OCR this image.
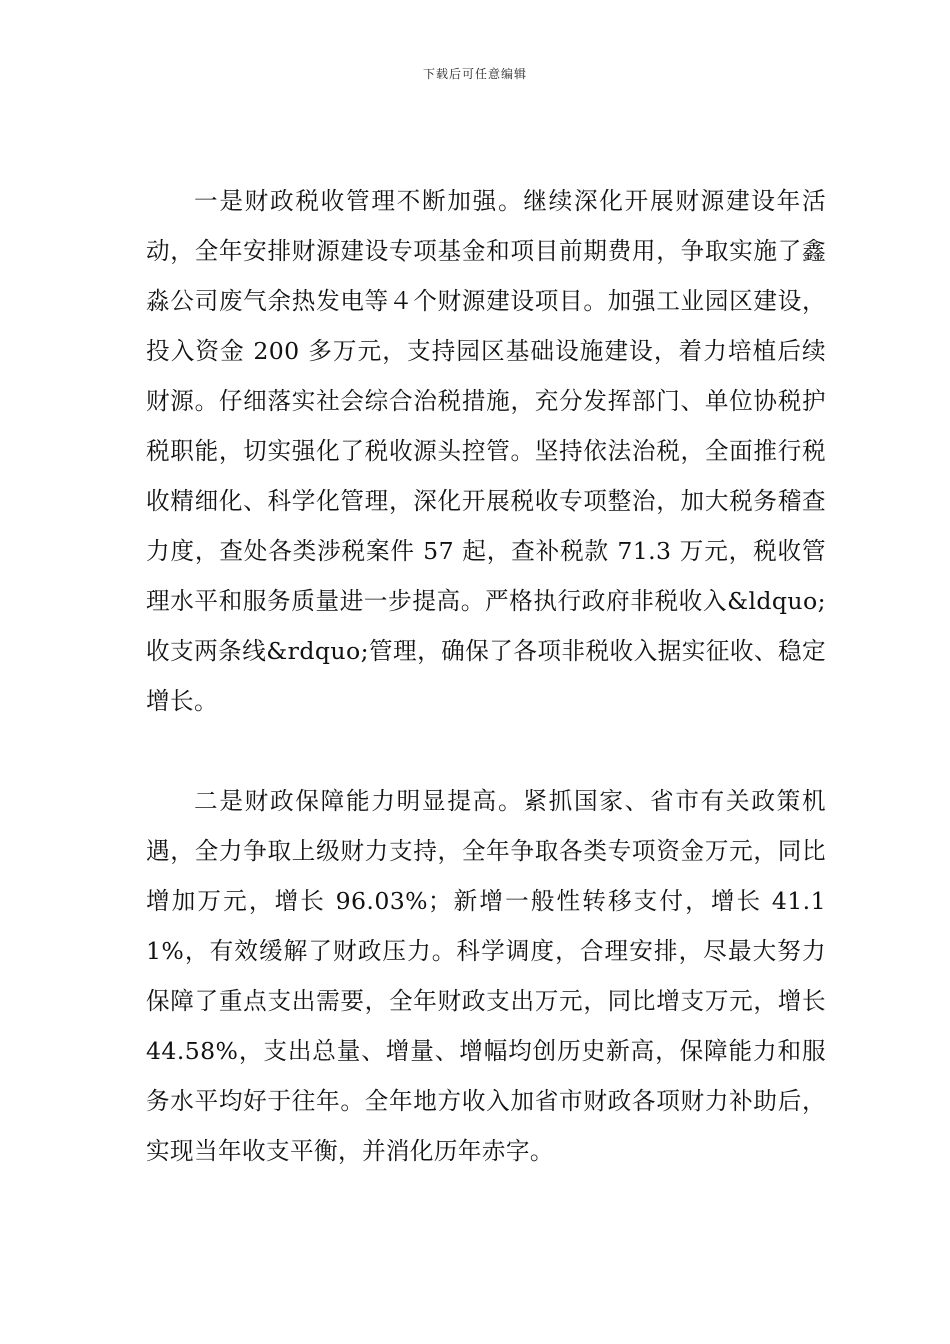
下载后可任意编辑

一是财政税收管理不断加强。继续深化开展财源建设年活动，全年安排财源建设专项基金和项目前期费用，争取实施了鑫淼公司废气余热发电等４个财源建设项目。加强工业园区建设，投入资金 200 多万元，支持园区基础设施建设，着力培植后续财源。仔细落实社会综合治税措施，充分发挥部门、单位协税护税职能，切实强化了税收源头控管。坚持依法治税，全面推行税收精细化、科学化管理，深化开展税收专项整治，加大税务稽查力度，查处各类涉税案件 57 起，查补税款 71.3 万元，税收管理水平和服务质量进一步提高。严格执行政府非税收入&ldquo;收支两条线&rdquo;管理，确保了各项非税收入据实征收、稳定增长。

二是财政保障能力明显提高。紧抓国家、省市有关政策机遇，全力争取上级财力支持，全年争取各类专项资金万元，同比增加万元，增长 96.03%；新增一般性转移支付，增长 41.11%，有效缓解了财政压力。科学调度，合理安排，尽最大努力保障了重点支出需要，全年财政支出万元，同比增支万元，增长 44.58%，支出总量、增量、增幅均创历史新高，保障能力和服务水平均好于往年。全年地方收入加省市财政各项财力补助后，实现当年收支平衡，并消化历年赤字。
